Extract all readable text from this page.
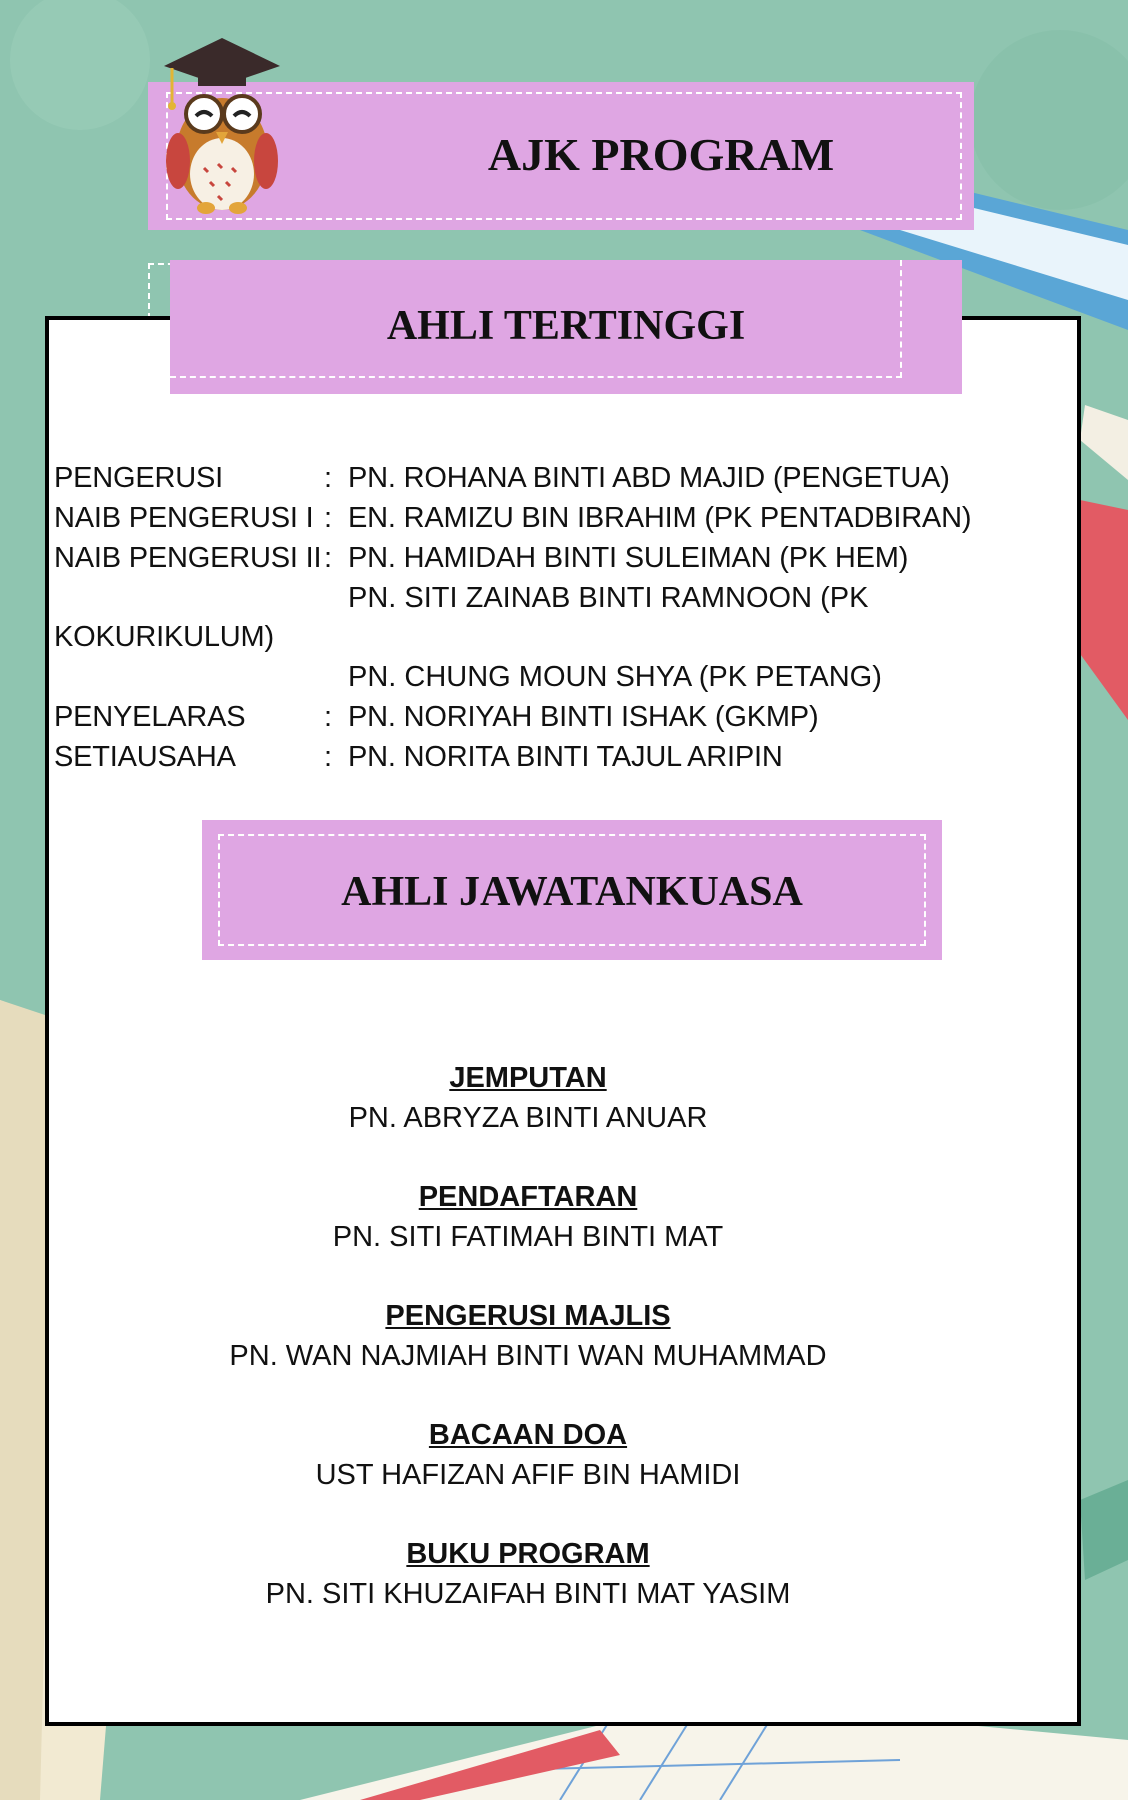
AJK PROGRAM
AHLI TERTINGGI
PENGERUSI	: PN. ROHANA BINTI ABD MAJID (PENGETUA)
NAIB PENGERUSI I : EN. RAMIZU BIN IBRAHIM (PK PENTADBIRAN)
NAIB PENGERUSI II: PN. HAMIDAH BINTI SULEIMAN (PK HEM)
PN. SITI ZAINAB BINTI RAMNOON (PK
KOKURIKULUM)
PN. CHUNG MOUN SHYA (PK PETANG)
PENYELARAS	: PN. NORIYAH BINTI ISHAK (GKMP)
SETIAUSAHA	: PN. NORITA BINTI TAJUL ARIPIN
AHLI JAWATANKUASA
JEMPUTAN
PN. ABRYZA BINTI ANUAR
PENDAFTARAN
PN. SITI FATIMAH BINTI MAT
PENGERUSI MAJLIS
PN. WAN NAJMIAH BINTI WAN MUHAMMAD
BACAAN DOA
UST HAFIZAN AFIF BIN HAMIDI
BUKU PROGRAM
PN. SITI KHUZAIFAH BINTI MAT YASIM
